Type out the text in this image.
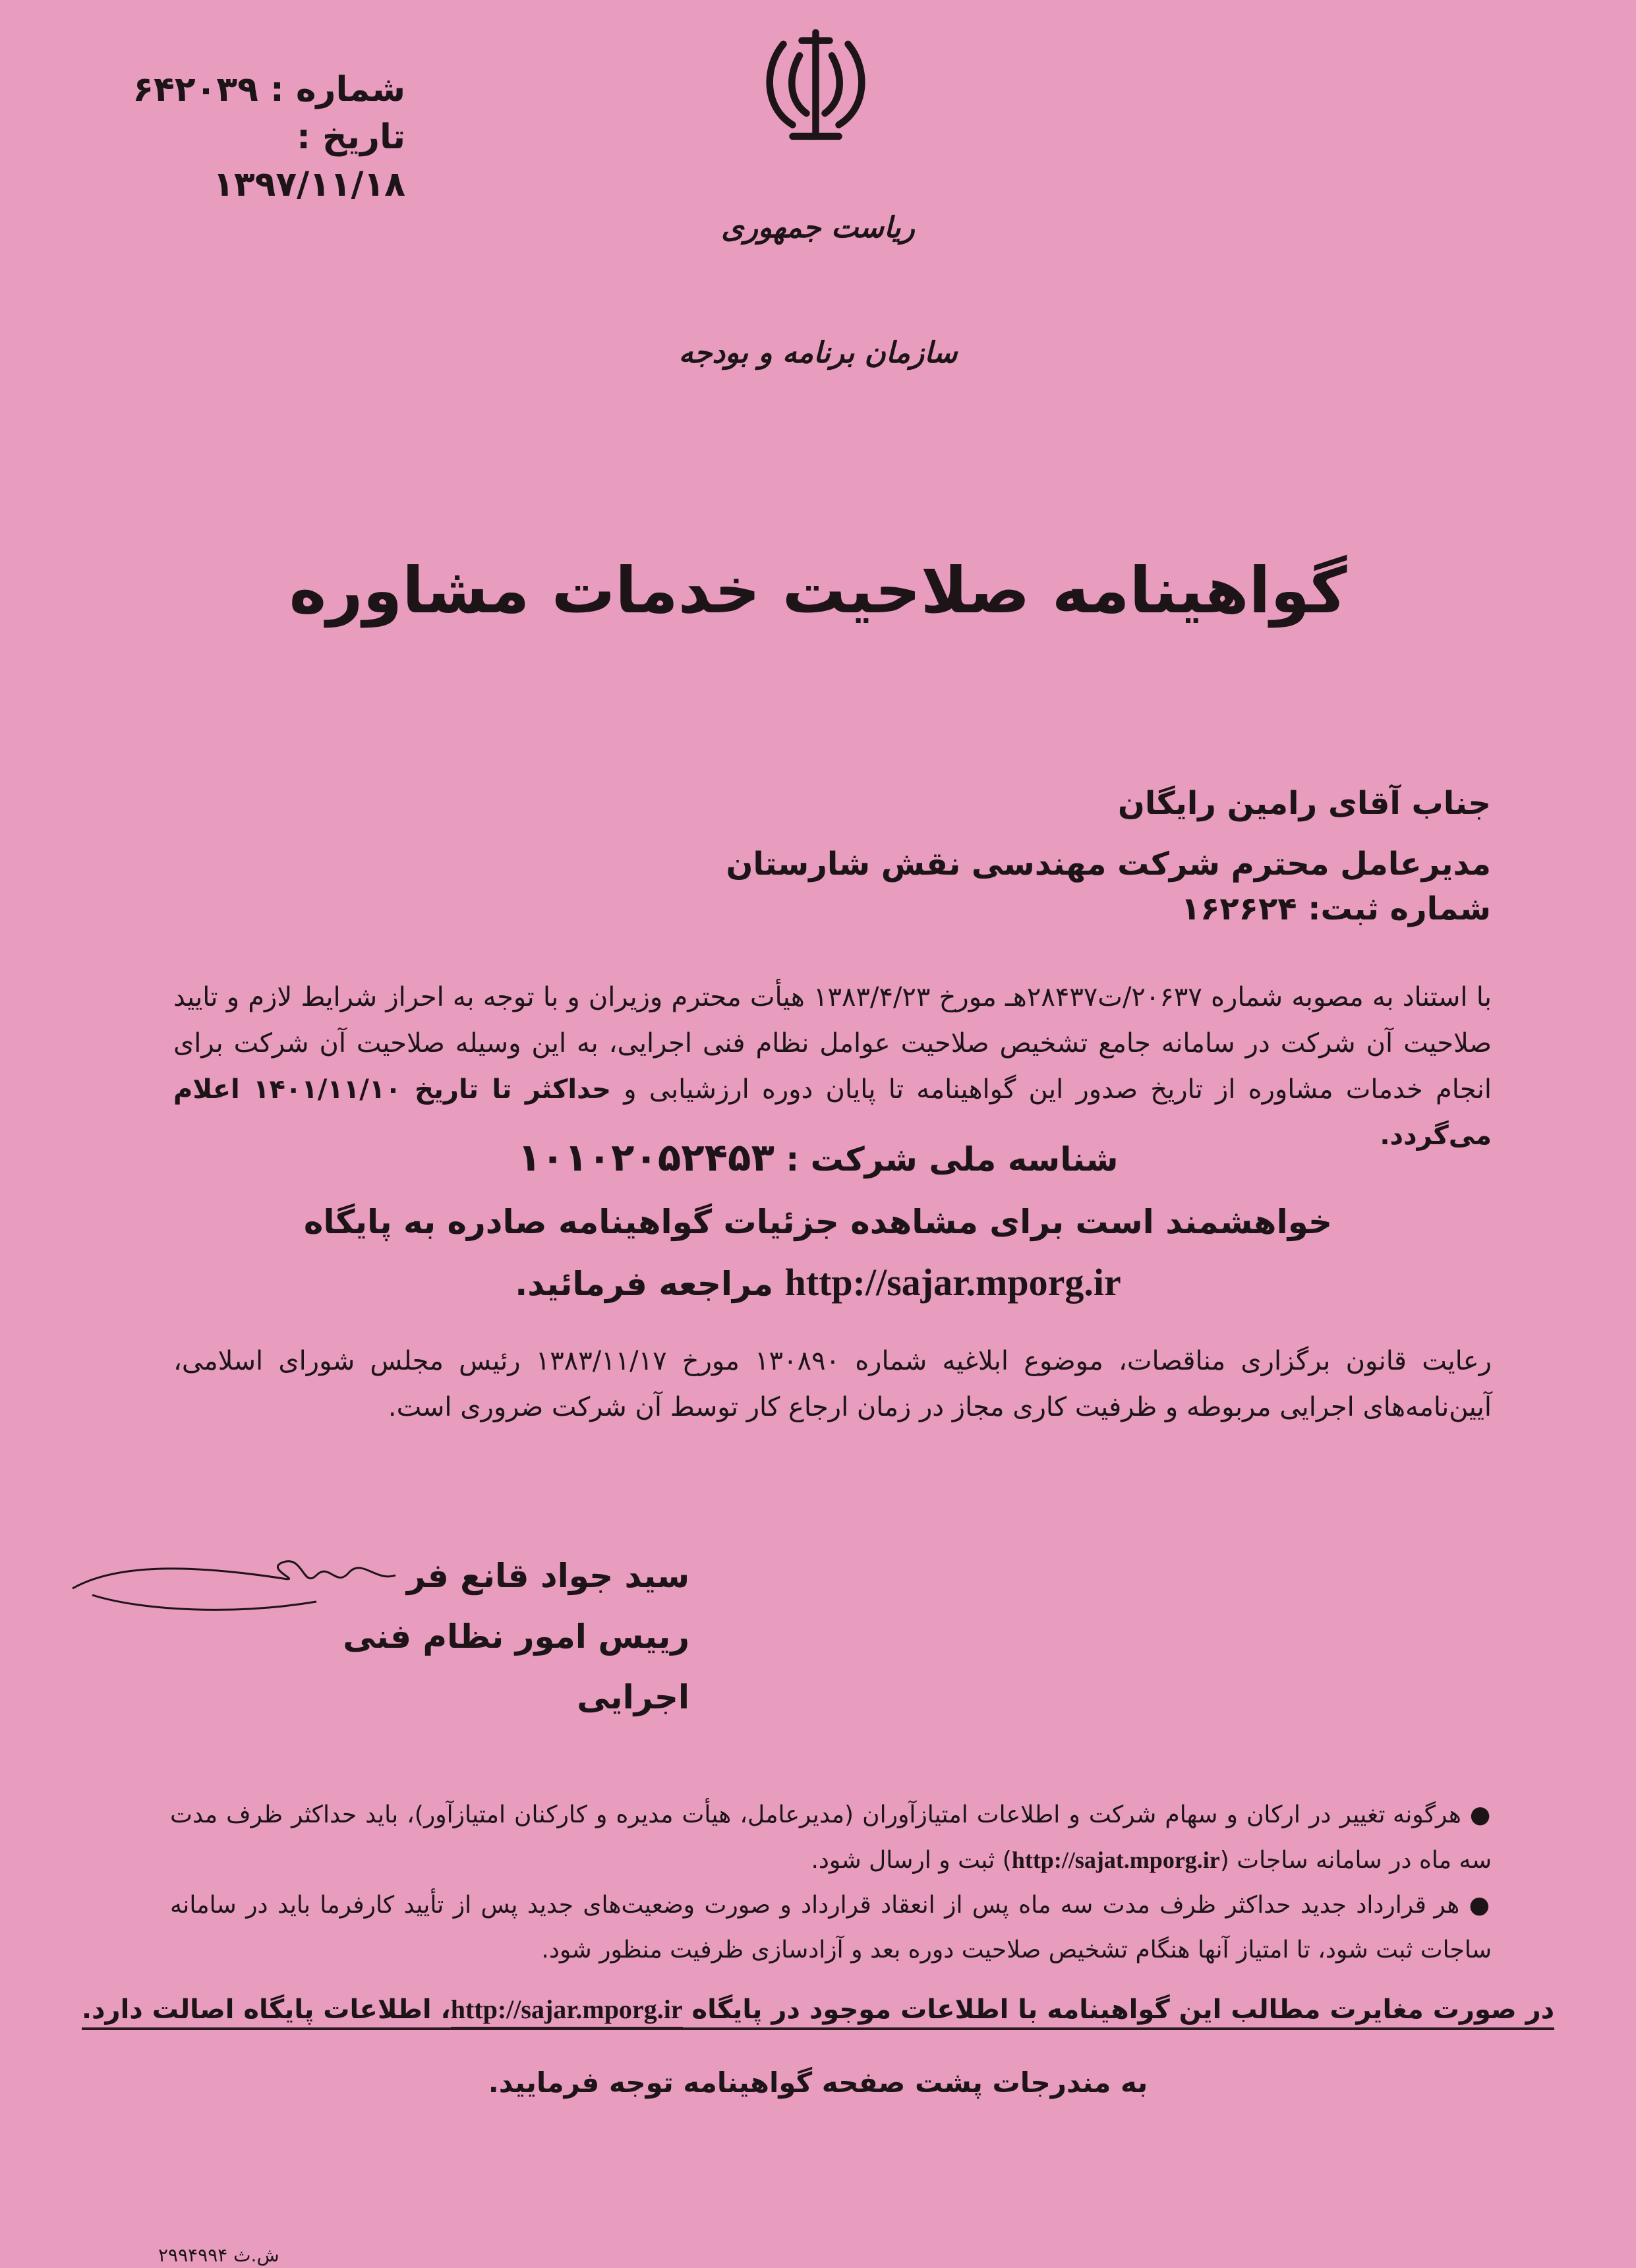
شماره : ۶۴۲۰۳۹
تاریخ : ۱۳۹۷/۱۱/۱۸
ریاست جمهوری
سازمان برنامه و بودجه
گواهینامه صلاحیت خدمات مشاوره
جناب آقای رامین رایگان
مدیرعامل محترم شرکت مهندسی نقش شارستان
شماره ثبت: ۱۶۲۶۲۴
با استناد به مصوبه شماره ۲۰۶۳۷/ت۲۸۴۳۷هـ مورخ ۱۳۸۳/۴/۲۳ هیأت محترم وزیران و با توجه به احراز شرایط لازم و تایید صلاحیت آن شرکت در سامانه جامع تشخیص صلاحیت عوامل نظام فنی اجرایی، به این وسیله صلاحیت آن شرکت برای انجام خدمات مشاوره از تاریخ صدور این گواهینامه تا پایان دوره ارزشیابی و حداکثر تا تاریخ ۱۴۰۱/۱۱/۱۰ اعلام می‌گردد.
شناسه ملی شرکت : ۱۰۱۰۲۰۵۲۴۵۳
خواهشمند است برای مشاهده جزئیات گواهینامه صادره به پایگاه
http://sajar.mporg.ir مراجعه فرمائید.
رعایت قانون برگزاری مناقصات، موضوع ابلاغیه شماره ۱۳۰۸۹۰ مورخ ۱۳۸۳/۱۱/۱۷ رئیس مجلس شورای اسلامی، آیین‌نامه‌های اجرایی مربوطه و ظرفیت کاری مجاز در زمان ارجاع کار توسط آن شرکت ضروری است.
سید جواد قانع فر
رییس امور نظام فنی اجرایی

● هرگونه تغییر در ارکان و سهام شرکت و اطلاعات امتیازآوران (مدیرعامل، هیأت مدیره و کارکنان امتیازآور)، باید حداکثر ظرف مدت سه ماه در سامانه ساجات (http://sajat.mporg.ir) ثبت و ارسال شود.

● هر قرارداد جدید حداکثر ظرف مدت سه ماه پس از انعقاد قرارداد و صورت وضعیت‌های جدید پس از تأیید کارفرما باید در سامانه ساجات ثبت شود، تا امتیاز آنها هنگام تشخیص صلاحیت دوره بعد و آزادسازی ظرفیت منظور شود.

در صورت مغایرت مطالب این گواهینامه با اطلاعات موجود در پایگاه http://sajar.mporg.ir، اطلاعات پایگاه اصالت دارد.
به مندرجات پشت صفحه گواهینامه توجه فرمایید.
ش.ث ۲۹۹۴۹۹۴
